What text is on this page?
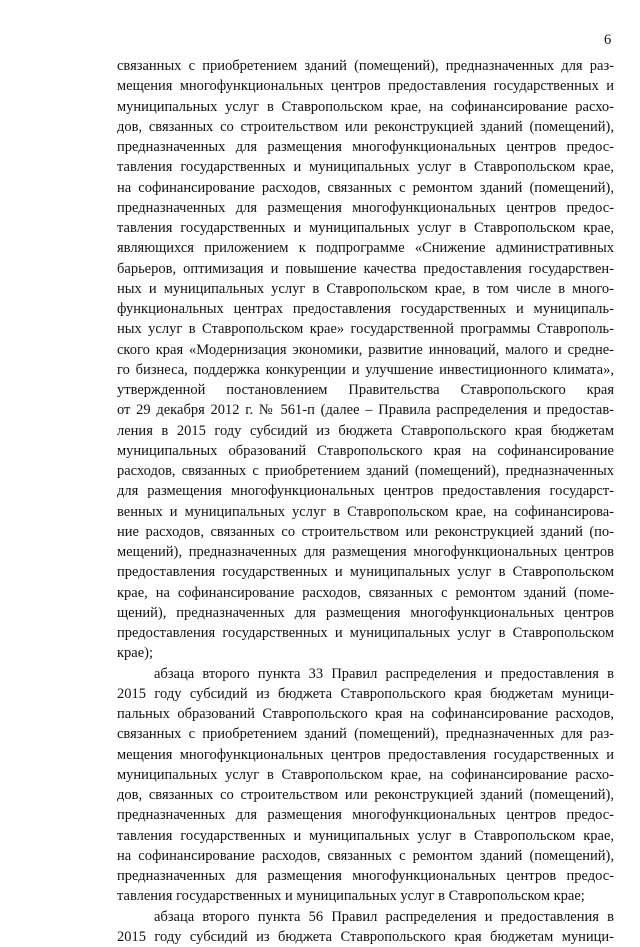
6
связанных с приобретением зданий (помещений), предназначенных для раз-
мещения многофункциональных центров предоставления государственных и
муниципальных услуг в Ставропольском крае, на софинансирование расхо-
дов, связанных со строительством или реконструкцией зданий (помещений),
предназначенных для размещения многофункциональных центров предос-
тавления государственных и муниципальных услуг в Ставропольском крае,
на софинансирование расходов, связанных с ремонтом зданий (помещений),
предназначенных для размещения многофункциональных центров предос-
тавления государственных и муниципальных услуг в Ставропольском крае,
являющихся приложением к подпрограмме «Снижение административных
барьеров, оптимизация и повышение качества предоставления государствен-
ных и муниципальных услуг в Ставропольском крае, в том числе в много-
функциональных центрах предоставления государственных и муниципаль-
ных услуг в Ставропольском крае» государственной программы Ставрополь-
ского края «Модернизация экономики, развитие инноваций, малого и средне-
го бизнеса, поддержка конкуренции и улучшение инвестиционного климата»,
утвержденной постановлением Правительства Ставропольского края
от 29 декабря 2012 г. № 561-п (далее – Правила распределения и предостав-
ления в 2015 году субсидий из бюджета Ставропольского края бюджетам
муниципальных образований Ставропольского края на софинансирование
расходов, связанных с приобретением зданий (помещений), предназначенных
для размещения многофункциональных центров предоставления государст-
венных и муниципальных услуг в Ставропольском крае, на софинансирова-
ние расходов, связанных со строительством или реконструкцией зданий (по-
мещений), предназначенных для размещения многофункциональных центров
предоставления государственных и муниципальных услуг в Ставропольском
крае, на софинансирование расходов, связанных с ремонтом зданий (поме-
щений), предназначенных для размещения многофункциональных центров
предоставления государственных и муниципальных услуг в Ставропольском
крае);
абзаца второго пункта 33 Правил распределения и предоставления в
2015 году субсидий из бюджета Ставропольского края бюджетам муници-
пальных образований Ставропольского края на софинансирование расходов,
связанных с приобретением зданий (помещений), предназначенных для раз-
мещения многофункциональных центров предоставления государственных и
муниципальных услуг в Ставропольском крае, на софинансирование расхо-
дов, связанных со строительством или реконструкцией зданий (помещений),
предназначенных для размещения многофункциональных центров предос-
тавления государственных и муниципальных услуг в Ставропольском крае,
на софинансирование расходов, связанных с ремонтом зданий (помещений),
предназначенных для размещения многофункциональных центров предос-
тавления государственных и муниципальных услуг в Ставропольском крае;
абзаца второго пункта 56 Правил распределения и предоставления в
2015 году субсидий из бюджета Ставропольского края бюджетам муници-
